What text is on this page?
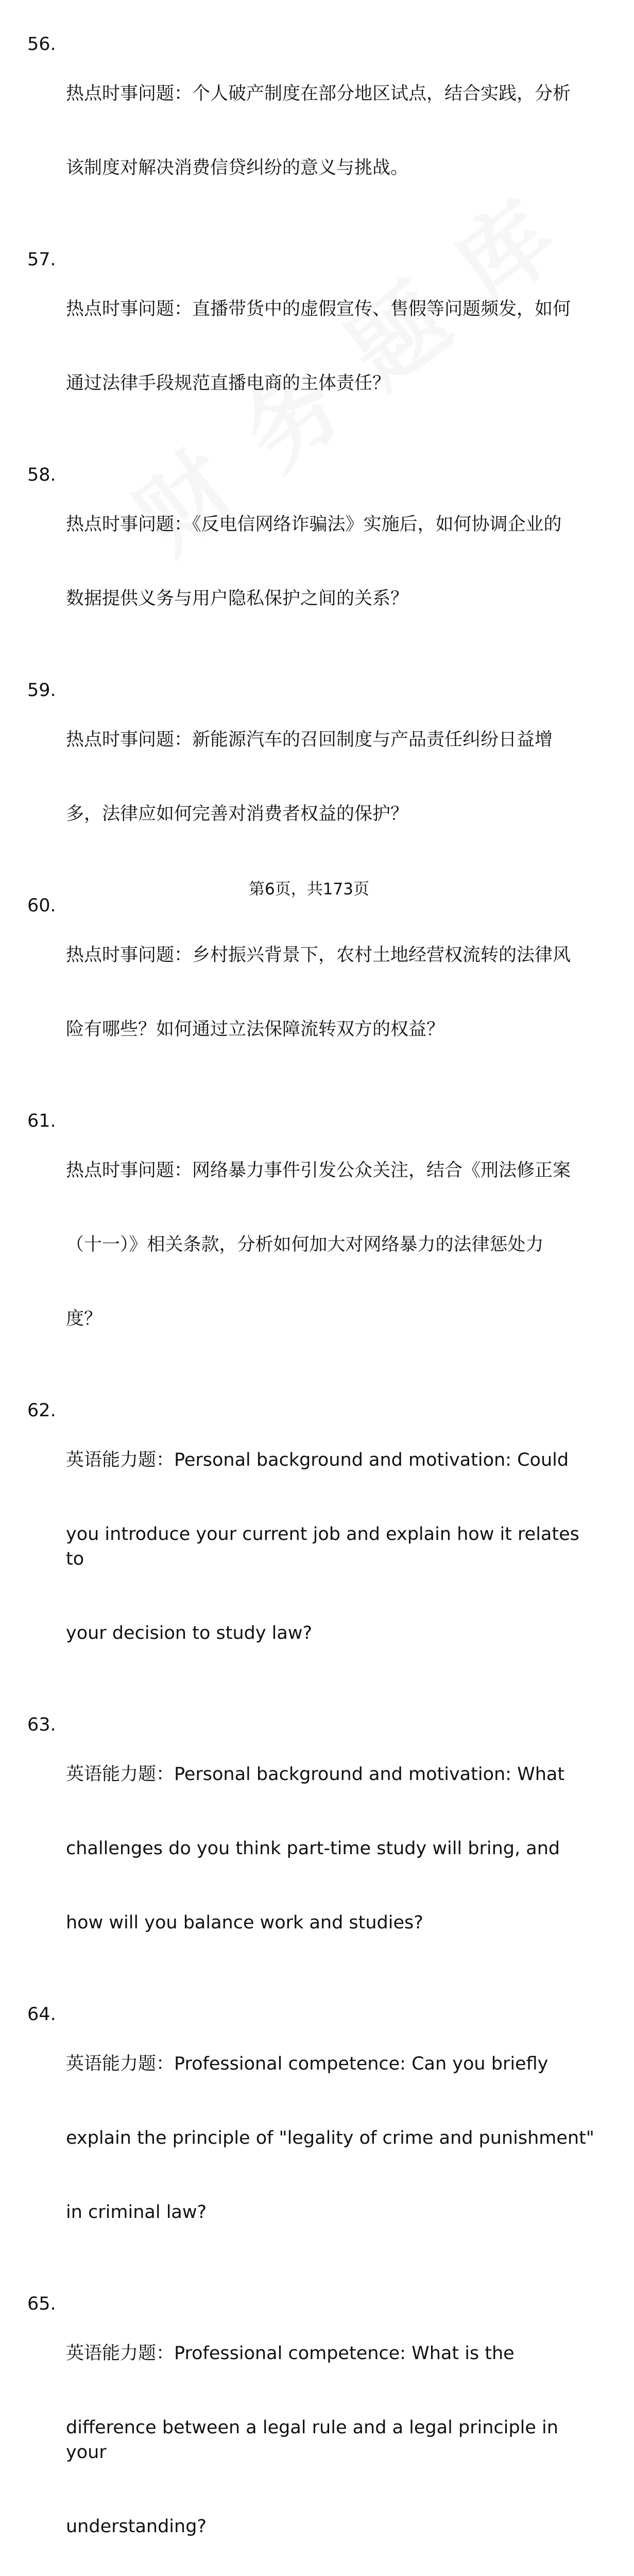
56.

热点时事问题：个人破产制度在部分地区试点，结合实践，分析

该制度对解决消费信贷纠纷的意义与挑战。

57.

热点时事问题：直播带货中的虚假宣传、售假等问题频发，如何

通过法律手段规范直播电商的主体责任？

58.

热点时事问题：《反电信网络诈骗法》实施后，如何协调企业的

数据提供义务与用户隐私保护之间的关系？

59.

热点时事问题：新能源汽车的召回制度与产品责任纠纷日益增

多，法律应如何完善对消费者权益的保护？

60.

热点时事问题：乡村振兴背景下，农村土地经营权流转的法律风

险有哪些？如何通过立法保障流转双方的权益？

61.

热点时事问题：网络暴力事件引发公众关注，结合《刑法修正案

（十一）》相关条款，分析如何加大对网络暴力的法律惩处力

度？

62.

英语能力题：Personal background and motivation: Could

you introduce your current job and explain how it relates to

your decision to study law?

63.

英语能力题：Personal background and motivation: What

challenges do you think part-time study will bring, and

how will you balance work and studies?

64.

英语能力题：Professional competence: Can you briefly

explain the principle of "legality of crime and punishment"

in criminal law?

65.

英语能力题：Professional competence: What is the

difference between a legal rule and a legal principle in your

understanding?

第6页，共173页
